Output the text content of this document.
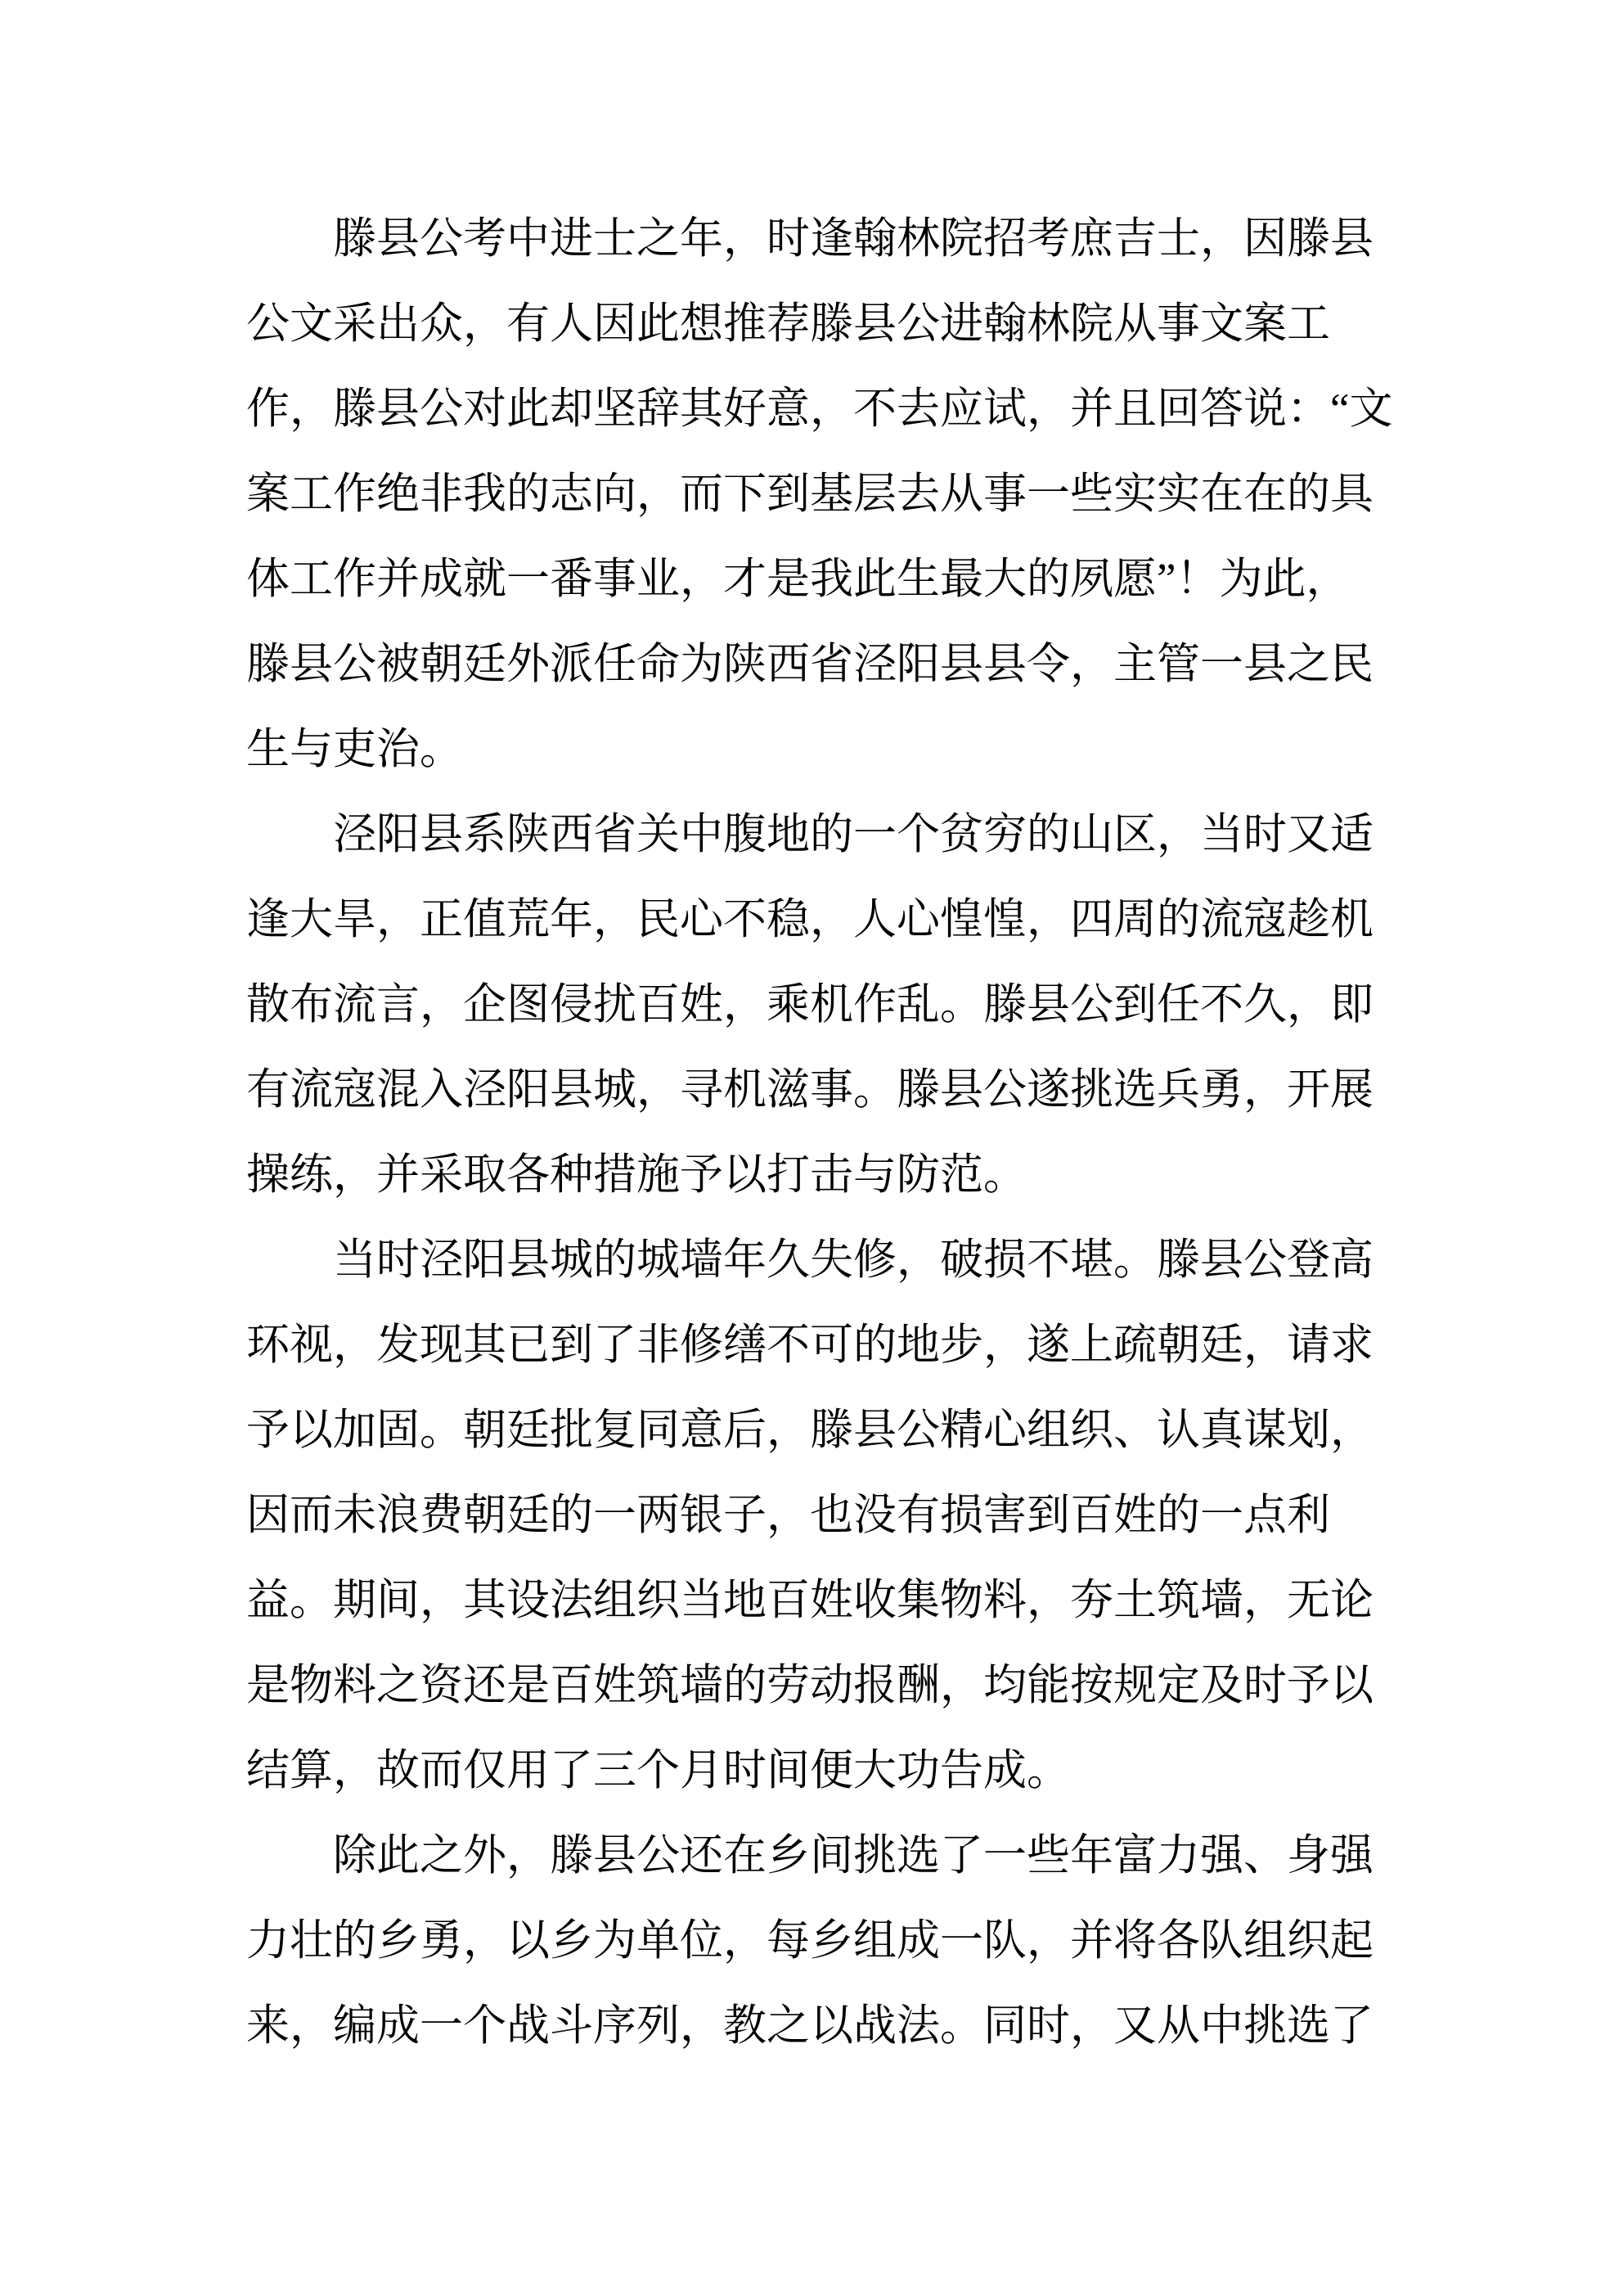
滕县公考中进士之年，时逢翰林院招考庶吉士，因滕县
公文采出众，有人因此想推荐滕县公进翰林院从事文案工
作，滕县公对此却坚辞其好意，不去应试，并且回答说：“文
案工作绝非我的志向，而下到基层去从事一些实实在在的具
体工作并成就一番事业，才是我此生最大的夙愿”！为此，
滕县公被朝廷外派任命为陕西省泾阳县县令，主管一县之民
生与吏治。
泾阳县系陕西省关中腹地的一个贫穷的山区，当时又适
逢大旱，正值荒年，民心不稳，人心惶惶，四周的流寇趁机
散布流言，企图侵扰百姓，乘机作乱。滕县公到任不久，即
有流寇混入泾阳县城，寻机滋事。滕县公遂挑选兵勇，开展
操练，并采取各种措施予以打击与防范。
当时泾阳县城的城墙年久失修，破损不堪。滕县公登高
环视，发现其已到了非修缮不可的地步，遂上疏朝廷，请求
予以加固。朝廷批复同意后，滕县公精心组织、认真谋划，
因而未浪费朝廷的一两银子，也没有损害到百姓的一点利
益。期间，其设法组织当地百姓收集物料，夯土筑墙，无论
是物料之资还是百姓筑墙的劳动报酬，均能按规定及时予以
结算，故而仅用了三个月时间便大功告成。
除此之外，滕县公还在乡间挑选了一些年富力强、身强
力壮的乡勇，以乡为单位，每乡组成一队，并将各队组织起
来，编成一个战斗序列，教之以战法。同时，又从中挑选了
